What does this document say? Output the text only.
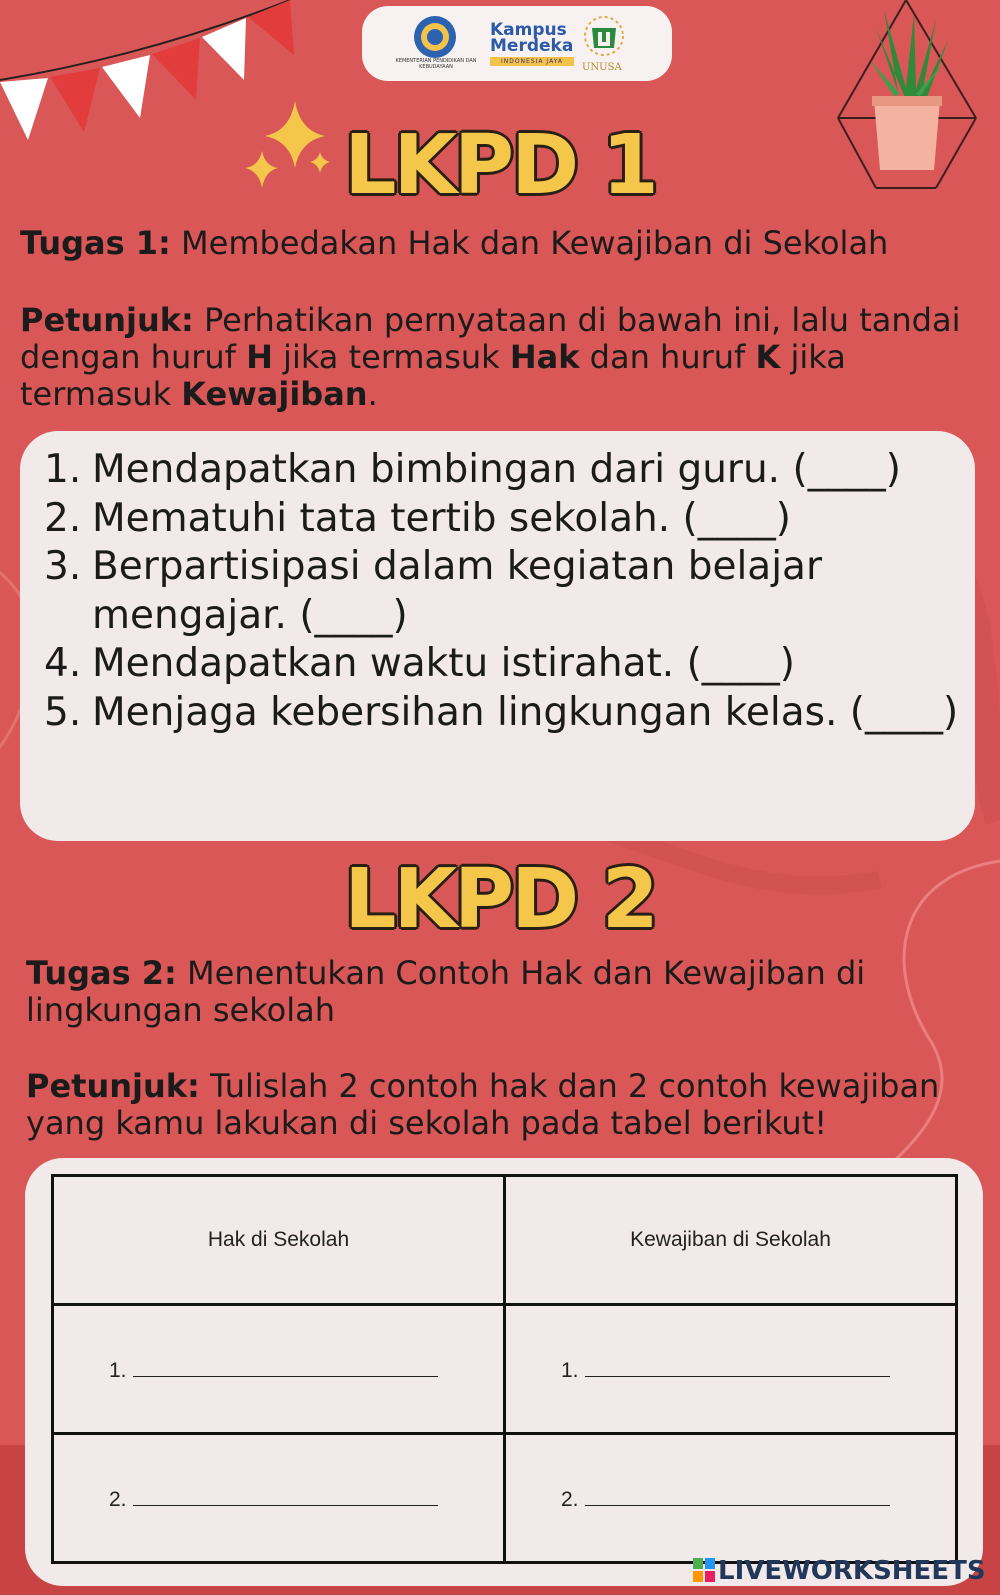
KEMENTERIAN PENDIDIKAN DAN KEBUDAYAAN
Kampus Merdeka
INDONESIA JAYA
UNUSA
LKPD 1

Tugas 1: Membedakan Hak dan Kewajiban di Sekolah

Petunjuk: Perhatikan pernyataan di bawah ini, lalu tandai dengan huruf H jika termasuk Hak dan huruf K jika termasuk Kewajiban.

1. Mendapatkan bimbingan dari guru. (____)
2. Mematuhi tata tertib sekolah. (____)
3. Berpartisipasi dalam kegiatan belajar mengajar. (____)
4. Mendapatkan waktu istirahat. (____)
5. Menjaga kebersihan lingkungan kelas. (____)
LKPD 2

Tugas 2: Menentukan Contoh Hak dan Kewajiban di lingkungan sekolah

Petunjuk: Tulislah 2 contoh hak dan 2 contoh kewajiban yang kamu lakukan di sekolah pada tabel berikut!

Hak di Sekolah	Kewajiban di Sekolah
1.	1.
2.	2.
LIVEWORKSHEETS
